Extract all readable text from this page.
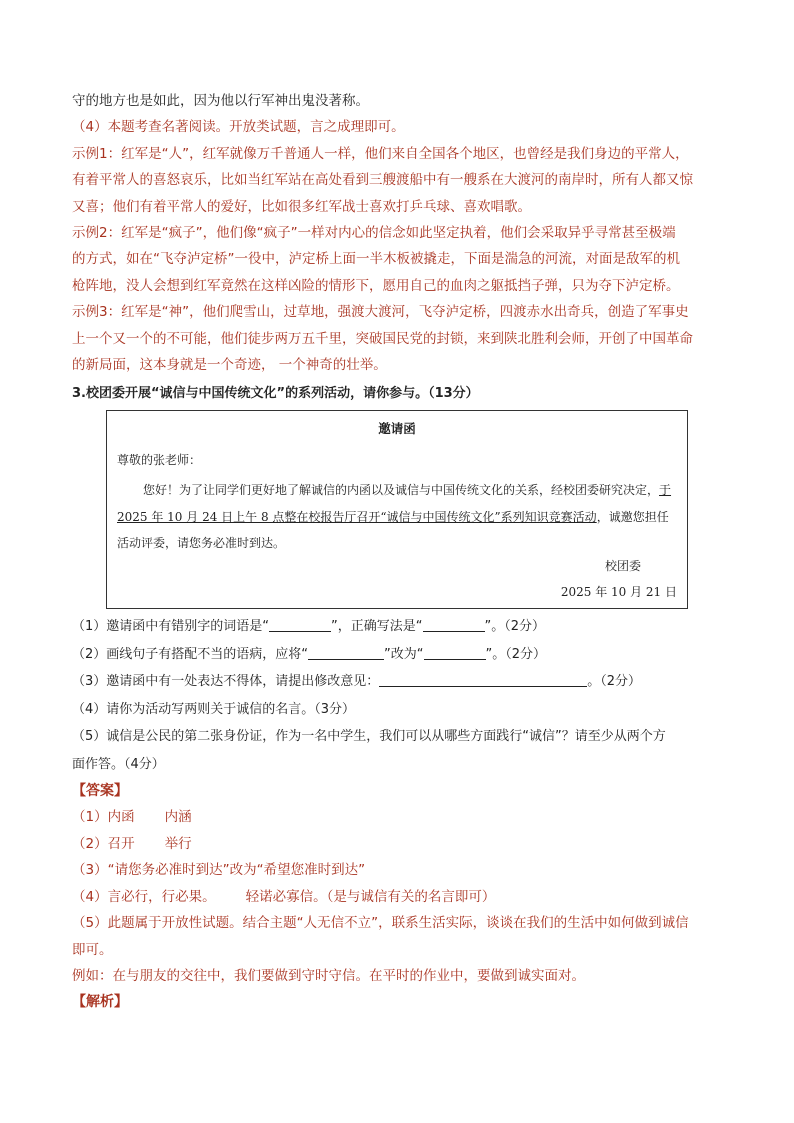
守的地方也是如此，因为他以行军神出鬼没著称。
（4）本题考查名著阅读。开放类试题，言之成理即可。
示例1：红军是“人”，红军就像万千普通人一样，他们来自全国各个地区，也曾经是我们身边的平常人，
有着平常人的喜怒哀乐，比如当红军站在高处看到三艘渡船中有一艘系在大渡河的南岸时，所有人都又惊
又喜；他们有着平常人的爱好，比如很多红军战士喜欢打乒乓球、喜欢唱歌。
示例2：红军是“疯子”，他们像“疯子”一样对内心的信念如此坚定执着，他们会采取异乎寻常甚至极端
的方式，如在“飞夺泸定桥”一役中，泸定桥上面一半木板被撬走，下面是湍急的河流，对面是敌军的机
枪阵地，没人会想到红军竟然在这样凶险的情形下，愿用自己的血肉之躯抵挡子弹，只为夺下泸定桥。
示例3：红军是“神”，他们爬雪山，过草地，强渡大渡河，飞夺泸定桥，四渡赤水出奇兵，创造了军事史
上一个又一个的不可能，他们徒步两万五千里，突破国民党的封锁，来到陕北胜利会师，开创了中国革命
的新局面，这本身就是一个奇迹， 一个神奇的壮举。
3.校团委开展“诚信与中国传统文化”的系列活动，请你参与。（13分）
邀请函
尊敬的张老师：
您好！为了让同学们更好地了解诚信的内函以及诚信与中国传统文化的关系，经校团委研究决定，于 2025 年 10 月 24 日上午 8 点整在校报告厅召开“诚信与中国传统文化”系列知识竞赛活动，诚邀您担任活动评委，请您务必准时到达。
校团委
2025 年 10 月 21 日
（1）邀请函中有错别字的词语是“	”，正确写法是“	”。（2分）
（2）画线句子有搭配不当的语病，应将“	”改为“	”。（2分）
（3）邀请函中有一处表达不得体，请提出修改意见：	。（2分）
（4）请你为活动写两则关于诚信的名言。（3分）
（5）诚信是公民的第二张身份证，作为一名中学生，我们可以从哪些方面践行“诚信”？请至少从两个方
面作答。（4分）
【答案】
（1）内函 内涵
（2）召开 举行
（3）“请您务必准时到达”改为“希望您准时到达”
（4）言必行，行必果。 轻诺必寡信。（是与诚信有关的名言即可）
（5）此题属于开放性试题。结合主题“人无信不立”，联系生活实际，谈谈在我们的生活中如何做到诚信
即可。
例如：在与朋友的交往中，我们要做到守时守信。在平时的作业中，要做到诚实面对。
【解析】
